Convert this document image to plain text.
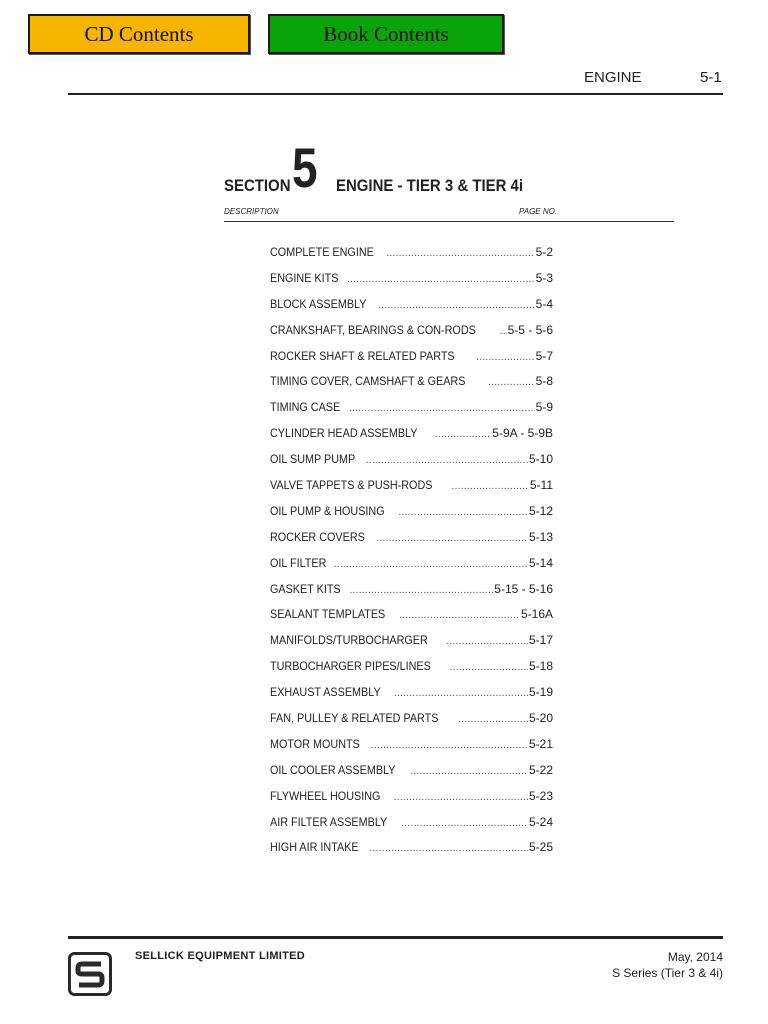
CD Contents	Book Contents
ENGINE	5-1
SECTION 5 ENGINE - TIER 3 & TIER 4i
DESCRIPTION	PAGE NO.
COMPLETE ENGINE .....	5-2
ENGINE KITS .....	5-3
BLOCK ASSEMBLY .....	5-4
CRANKSHAFT, BEARINGS & CON-RODS .....	5-5 - 5-6
ROCKER SHAFT & RELATED PARTS .....	5-7
TIMING COVER, CAMSHAFT & GEARS .....	5-8
TIMING CASE .....	5-9
CYLINDER HEAD ASSEMBLY .....	5-9A - 5-9B
OIL SUMP PUMP .....	5-10
VALVE TAPPETS & PUSH-RODS .....	5-11
OIL PUMP & HOUSING .....	5-12
ROCKER COVERS .....	5-13
OIL FILTER .....	5-14
GASKET KITS .....	5-15 - 5-16
SEALANT TEMPLATES .....	5-16A
MANIFOLDS/TURBOCHARGER .....	5-17
TURBOCHARGER PIPES/LINES .....	5-18
EXHAUST ASSEMBLY .....	5-19
FAN, PULLEY & RELATED PARTS .....	5-20
MOTOR MOUNTS .....	5-21
OIL COOLER ASSEMBLY .....	5-22
FLYWHEEL HOUSING .....	5-23
AIR FILTER ASSEMBLY .....	5-24
HIGH AIR INTAKE .....	5-25
SELLICK EQUIPMENT LIMITED	May, 2014
S Series (Tier 3 & 4i)
